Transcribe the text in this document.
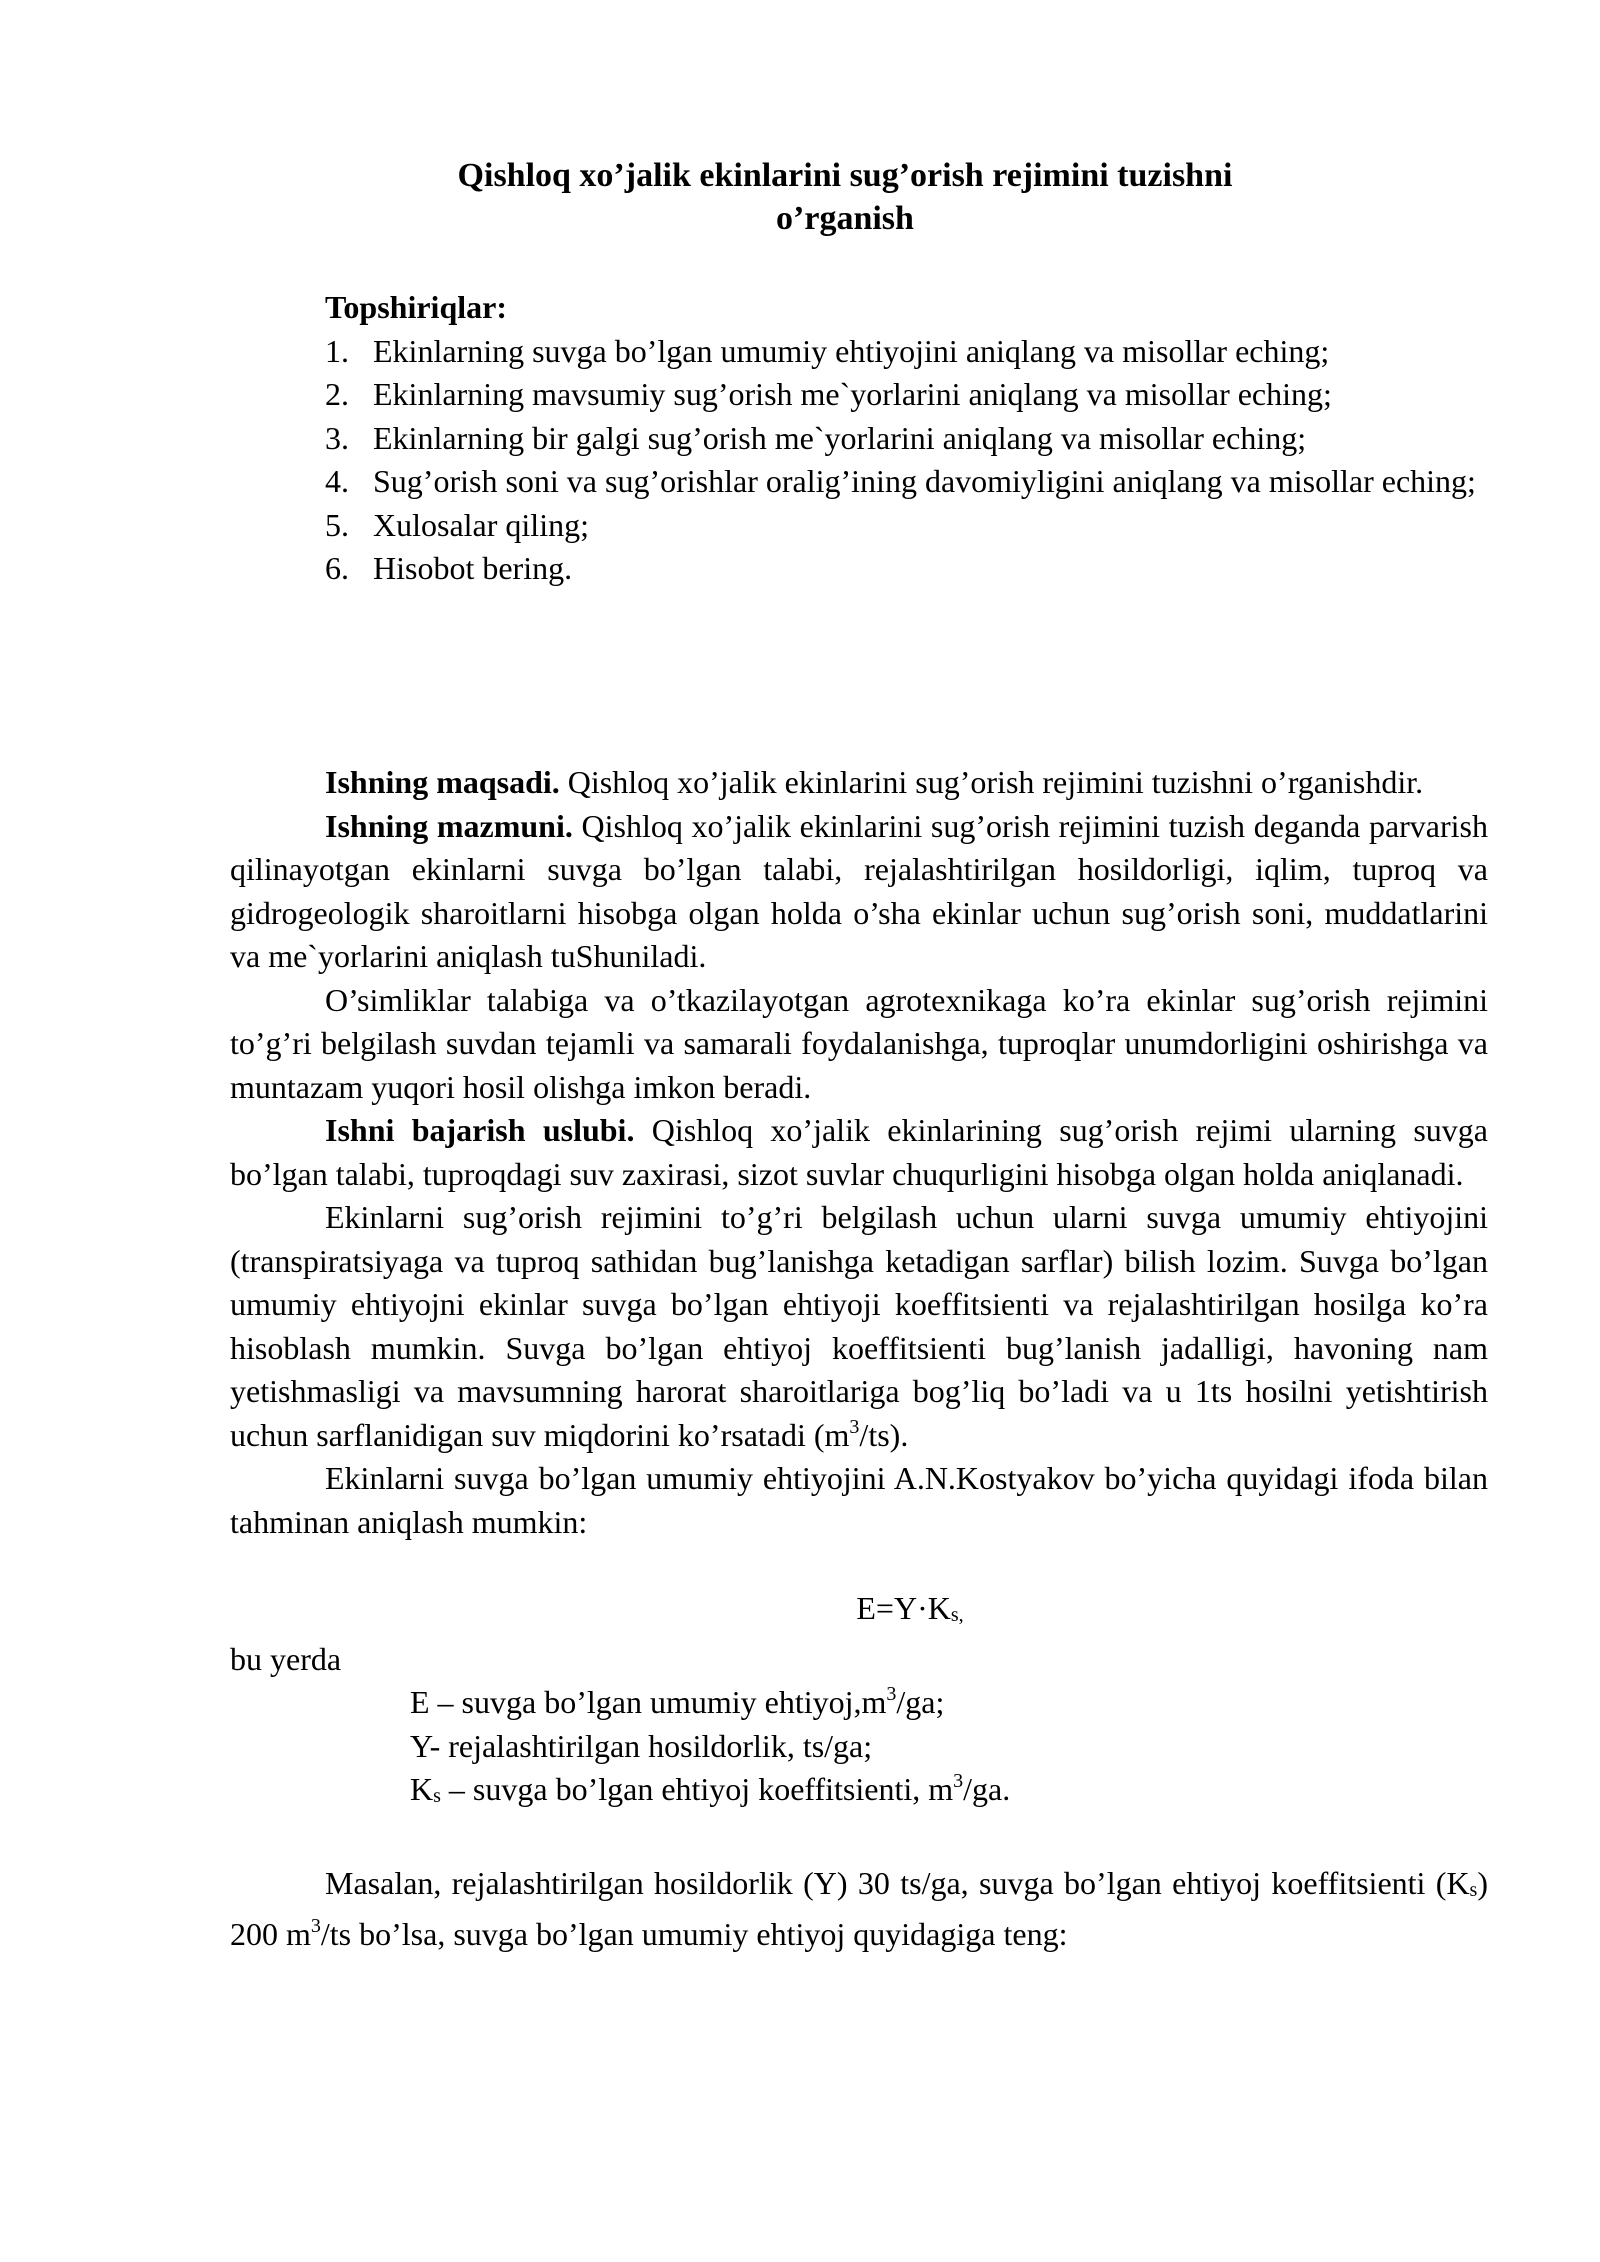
Qishloq xo’jalik ekinlarini sug’orish rejimini tuzishni
o’rganish
Topshiriqlar:
1. Ekinlarning suvga bo’lgan umumiy ehtiyojini aniqlang va misollar eching;
2. Ekinlarning mavsumiy sug’orish me`yorlarini aniqlang va misollar eching;
3. Ekinlarning bir galgi sug’orish me`yorlarini aniqlang va misollar eching;
4. Sug’orish soni va sug’orishlar oralig’ining davomiyligini aniqlang va misollar eching;
5. Xulosalar qiling;
6. Hisobot bering.

Ishning maqsadi. Qishloq xo’jalik ekinlarini sug’orish rejimini tuzishni o’rganishdir.

Ishning mazmuni. Qishloq xo’jalik ekinlarini sug’orish rejimini tuzish deganda parvarish qilinayotgan ekinlarni suvga bo’lgan talabi, rejalashtirilgan hosildorligi, iqlim, tuproq va gidrogeologik sharoitlarni hisobga olgan holda o’sha ekinlar uchun sug’orish soni, muddatlarini va me`yorlarini aniqlash tuShuniladi.

O’simliklar talabiga va o’tkazilayotgan agrotexnikaga ko’ra ekinlar sug’orish rejimini to’g’ri belgilash suvdan tejamli va samarali foydalanishga, tuproqlar unumdorligini oshirishga va muntazam yuqori hosil olishga imkon beradi.

Ishni bajarish uslubi. Qishloq xo’jalik ekinlarining sug’orish rejimi ularning suvga bo’lgan talabi, tuproqdagi suv zaxirasi, sizot suvlar chuqurligini hisobga olgan holda aniqlanadi.

Ekinlarni sug’orish rejimini to’g’ri belgilash uchun ularni suvga umumiy ehtiyojini (transpiratsiyaga va tuproq sathidan bug’lanishga ketadigan sarflar) bilish lozim. Suvga bo’lgan umumiy ehtiyojni ekinlar suvga bo’lgan ehtiyoji koeffitsienti va rejalashtirilgan hosilga ko’ra hisoblash mumkin. Suvga bo’lgan ehtiyoj koeffitsienti bug’lanish jadalligi, havoning nam yetishmasligi va mavsumning harorat sharoitlariga bog’liq bo’ladi va u 1ts hosilni yetishtirish uchun sarflanidigan suv miqdorini ko’rsatadi $(m^3/ts)$.

Ekinlarni suvga bo’lgan umumiy ehtiyojini A.N.Kostyakov bo’yicha quyidagi ifoda bilan tahminan aniqlash mumkin:

E=Y·Ks,
bu yerda
E – suvga bo’lgan umumiy $ehtiyoj,m^3/ga$;
Y- rejalashtirilgan hosildorlik, ts/ga;
Ks – suvga bo’lgan ehtiyoj koeffitsienti, $m^3/ga$.

Masalan, rejalashtirilgan hosildorlik (Y) 30 ts/ga, suvga bo’lgan ehtiyoj koeffitsienti (Ks) 200 $m^3/ts$ bo’lsa, suvga bo’lgan umumiy ehtiyoj quyidagiga teng:
